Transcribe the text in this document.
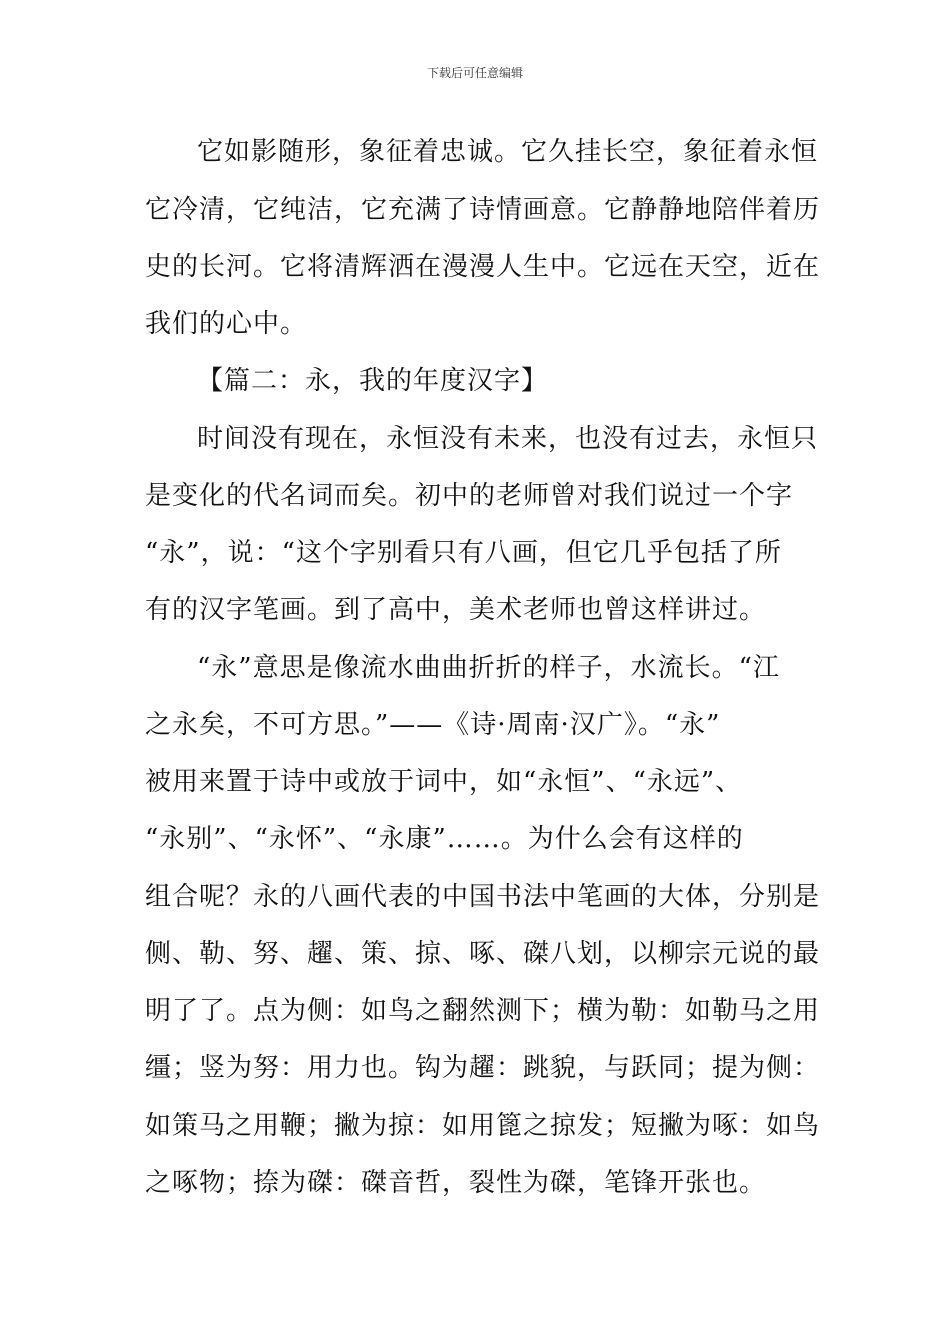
下载后可任意编辑
它如影随形，象征着忠诚。它久挂长空，象征着永恒
它冷清，它纯洁，它充满了诗情画意。它静静地陪伴着历
史的长河。它将清辉洒在漫漫人生中。它远在天空，近在
我们的心中。
【篇二：永，我的年度汉字】
时间没有现在，永恒没有未来，也没有过去，永恒只
是变化的代名词而矣。初中的老师曾对我们说过一个字
“永”，说：“这个字别看只有八画，但它几乎包括了所
有的汉字笔画。到了高中，美术老师也曾这样讲过。
“永”意思是像流水曲曲折折的样子，水流长。“江
之永矣，不可方思。”——《诗·周南·汉广》。“永”
被用来置于诗中或放于词中，如“永恒”、“永远”、
“永别”、“永怀”、“永康”……。为什么会有这样的
组合呢？永的八画代表的中国书法中笔画的大体，分别是
侧、勒、努、趯、策、掠、啄、磔八划，以柳宗元说的最
明了了。点为侧：如鸟之翻然测下；横为勒：如勒马之用
缰；竖为努：用力也。钩为趯：跳貌，与跃同；提为侧：
如策马之用鞭；撇为掠：如用篦之掠发；短撇为啄：如鸟
之啄物；捺为磔：磔音哲，裂性为磔，笔锋开张也。
